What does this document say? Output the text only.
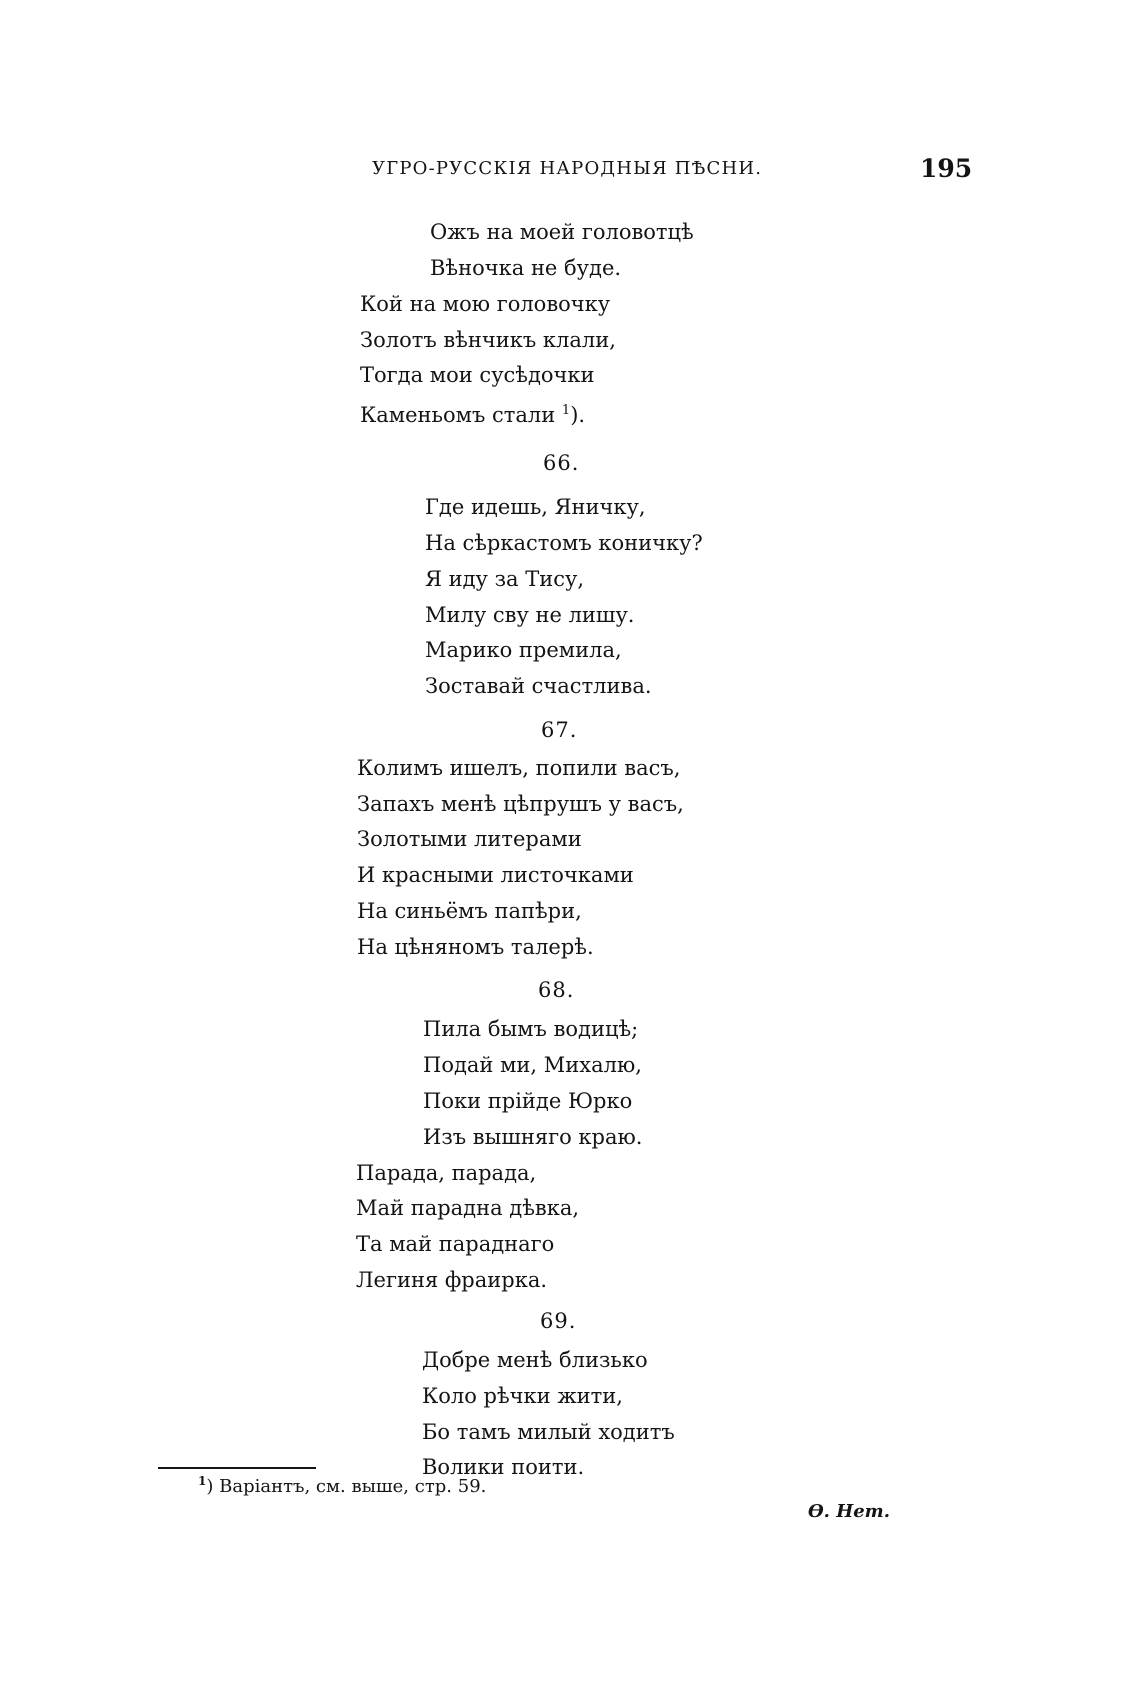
УГРО-РУССКІЯ НАРОДНЫЯ ПѢСНИ.	195
Ожъ на моей головотцѣ
Вѣночка не буде.
Кой на мою головочку
Золотъ вѣнчикъ клали,
Тогда мои сусѣдочки
Каменьомъ стали $^1$).
66.
Где идешь, Яничку,
На сѣркастомъ коничку?
Я иду за Тису,
Милу сву не лишу.
Марико премила,
Зоставай счастлива.
67.
Колимъ ишелъ, попили васъ,
Запахъ менѣ цѣпрушъ у васъ,
Золотыми литерами
И красными листочками
На синьёмъ папѣри,
На цѣняномъ талерѣ.
68.
Пила бымъ водицѣ;
Подай ми, Михалю,
Поки прійде Юрко
Изъ вышняго краю.
Парада, парада,
Май парадна дѣвка,
Та май параднаго
Легиня фраирка.
69.
Добре менѣ близько
Коло рѣчки жити,
Бо тамъ милый ходитъ
Волики поити.
$^1$) Варіантъ, см. выше, стр. 59.
Ѳ. Нет.
